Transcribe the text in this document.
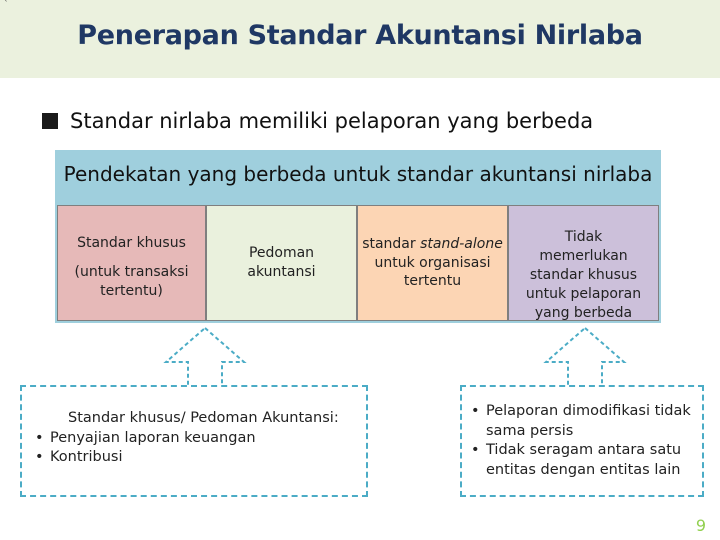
`
Penerapan Standar Akuntansi Nirlaba
Standar nirlaba memiliki pelaporan yang berbeda
Pendekatan yang berbeda untuk standar akuntansi nirlaba
Standar khusus
(untuk transaksi tertentu)
Pedoman akuntansi
standar stand-alone untuk organisasi tertentu
Tidak memerlukan standar khusus untuk pelaporan yang berbeda
Standar khusus/ Pedoman Akuntansi:
• Penyajian laporan keuangan
• Kontribusi
• Pelaporan dimodifikasi tidak sama persis
• Tidak seragam antara satu entitas dengan entitas lain
9
